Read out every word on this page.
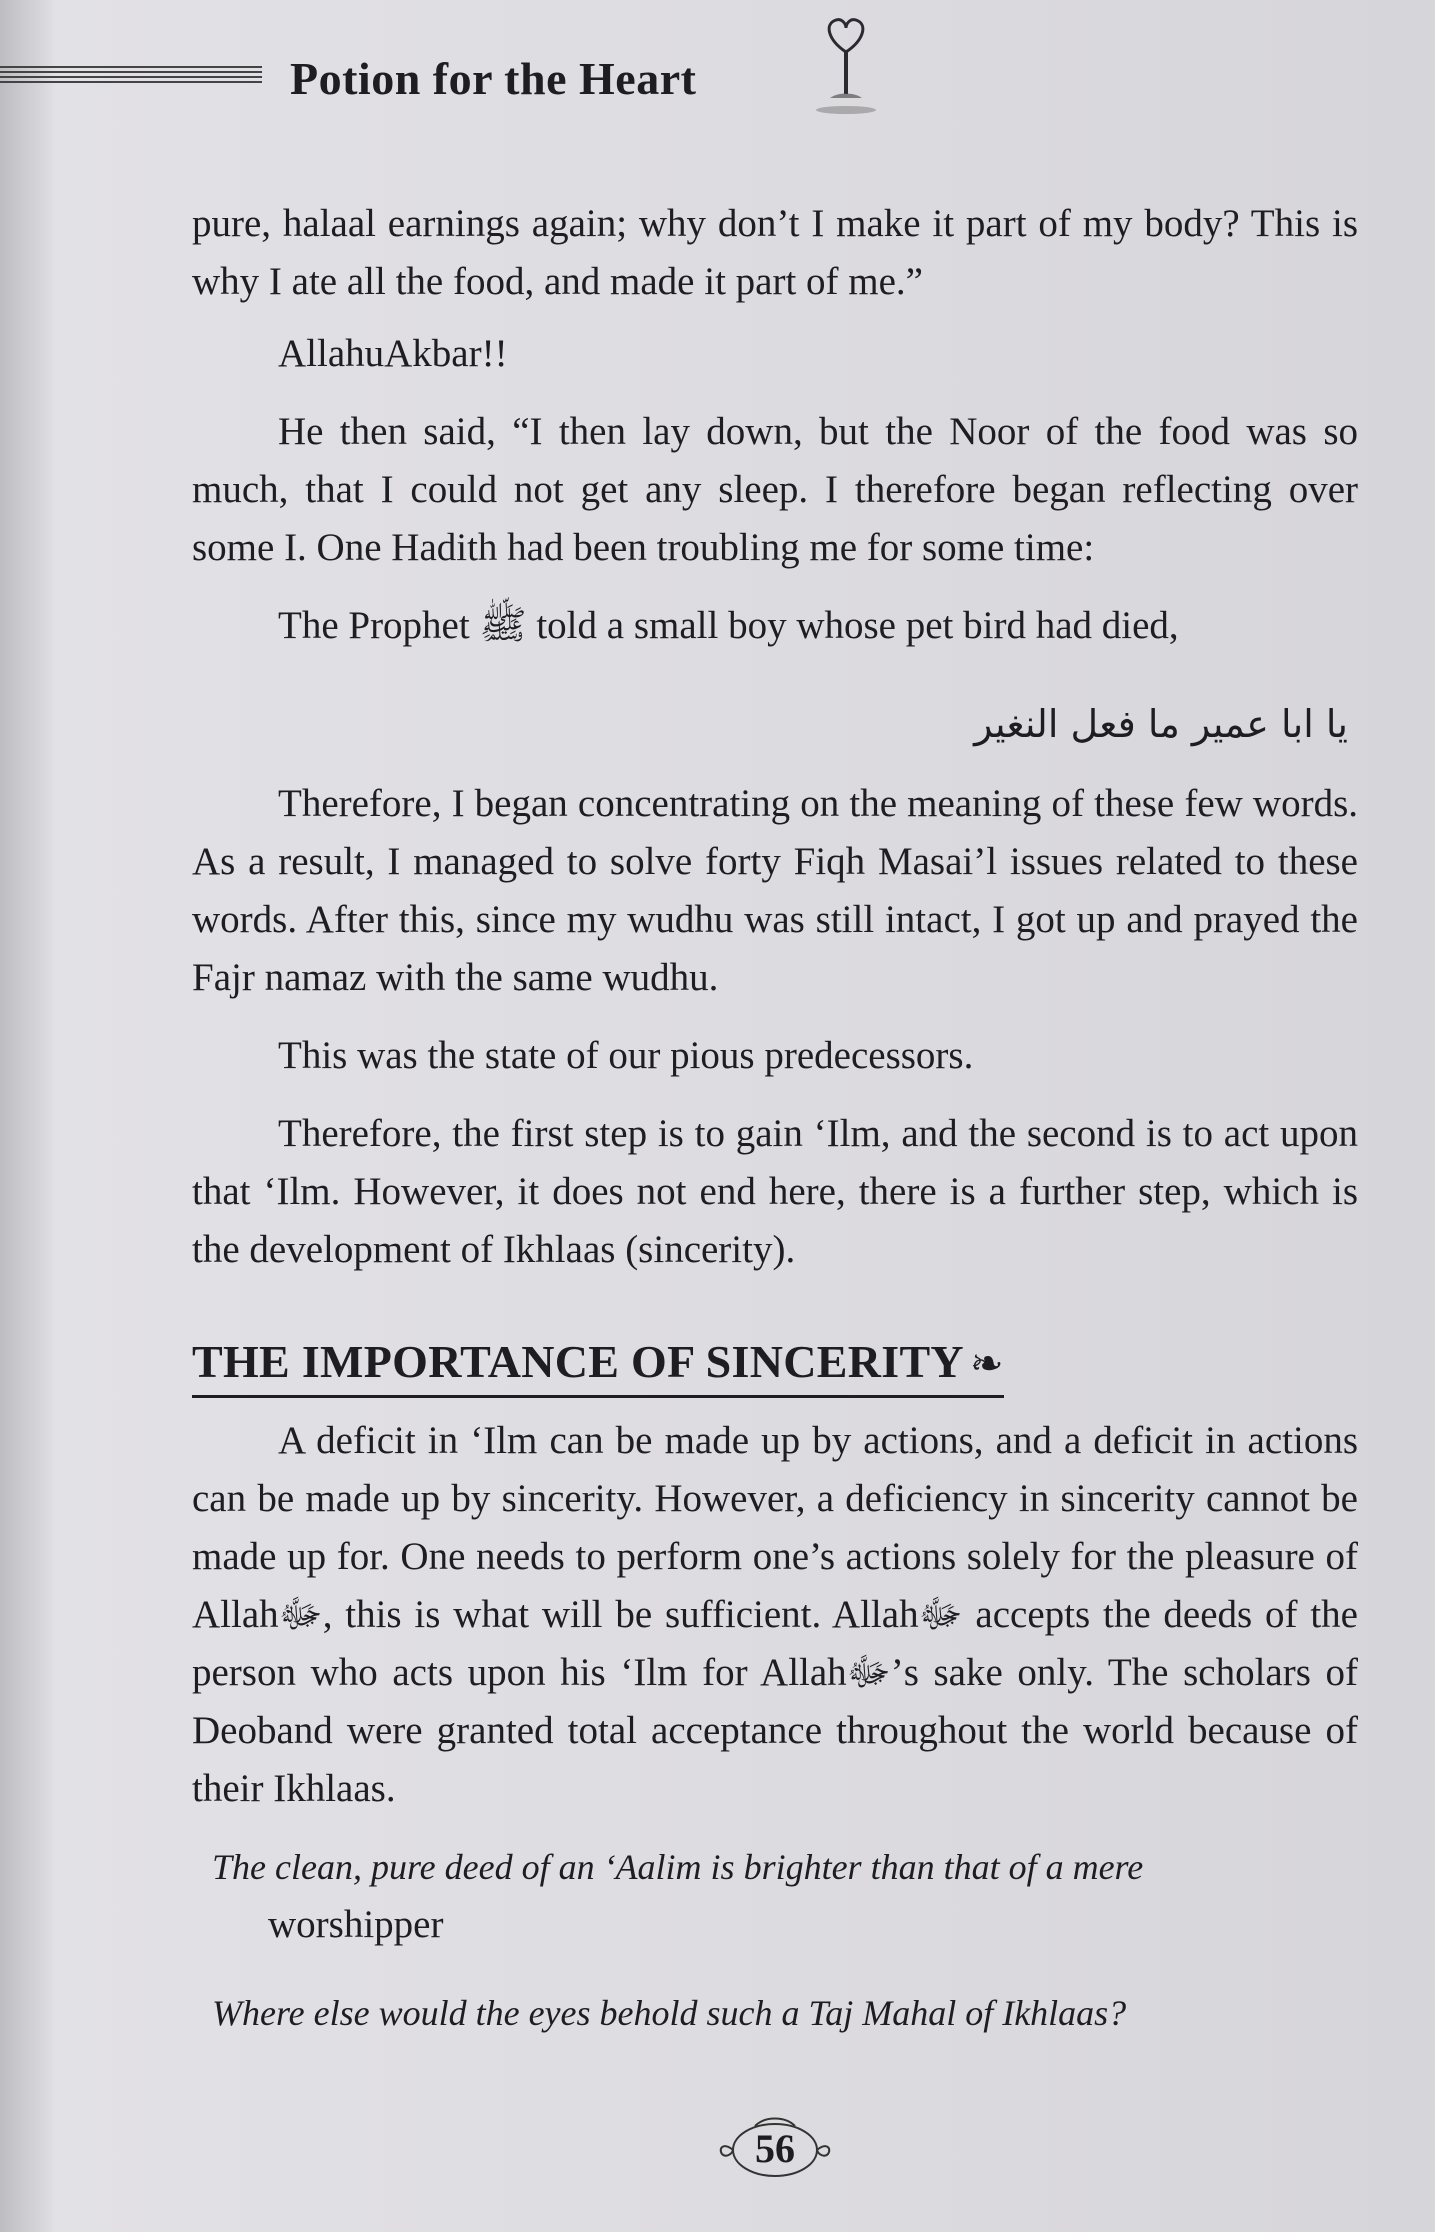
Potion for the Heart

pure, halaal earnings again; why don’t I make it part of my body? This is why I ate all the food, and made it part of me.”

AllahuAkbar!!

He then said, “I then lay down, but the Noor of the food was so much, that I could not get any sleep. I therefore began reflecting over some I. One Hadith had been troubling me for some time:

The Prophet ﷺ told a small boy whose pet bird had died,

يا ابا عمير ما فعل النغير

Therefore, I began concentrating on the meaning of these few words. As a result, I managed to solve forty Fiqh Masai’l issues related to these words. After this, since my wudhu was still intact, I got up and prayed the Fajr namaz with the same wudhu.

This was the state of our pious predecessors.

Therefore, the first step is to gain ‘Ilm, and the second is to act upon that ‘Ilm. However, it does not end here, there is a further step, which is the development of Ikhlaas (sincerity).

THE IMPORTANCE OF SINCERITY ❧

A deficit in ‘Ilm can be made up by actions, and a deficit in actions can be made up by sincerity. However, a deficiency in sincerity cannot be made up for. One needs to perform one’s actions solely for the pleasure of Allahﷻ, this is what will be sufficient. Allahﷻ accepts the deeds of the person who acts upon his ‘Ilm for Allahﷻ’s sake only. The scholars of Deoband were granted total acceptance throughout the world because of their Ikhlaas.

The clean, pure deed of an ‘Aalim is brighter than that of a mere

worshipper

Where else would the eyes behold such a Taj Mahal of Ikhlaas?

56
